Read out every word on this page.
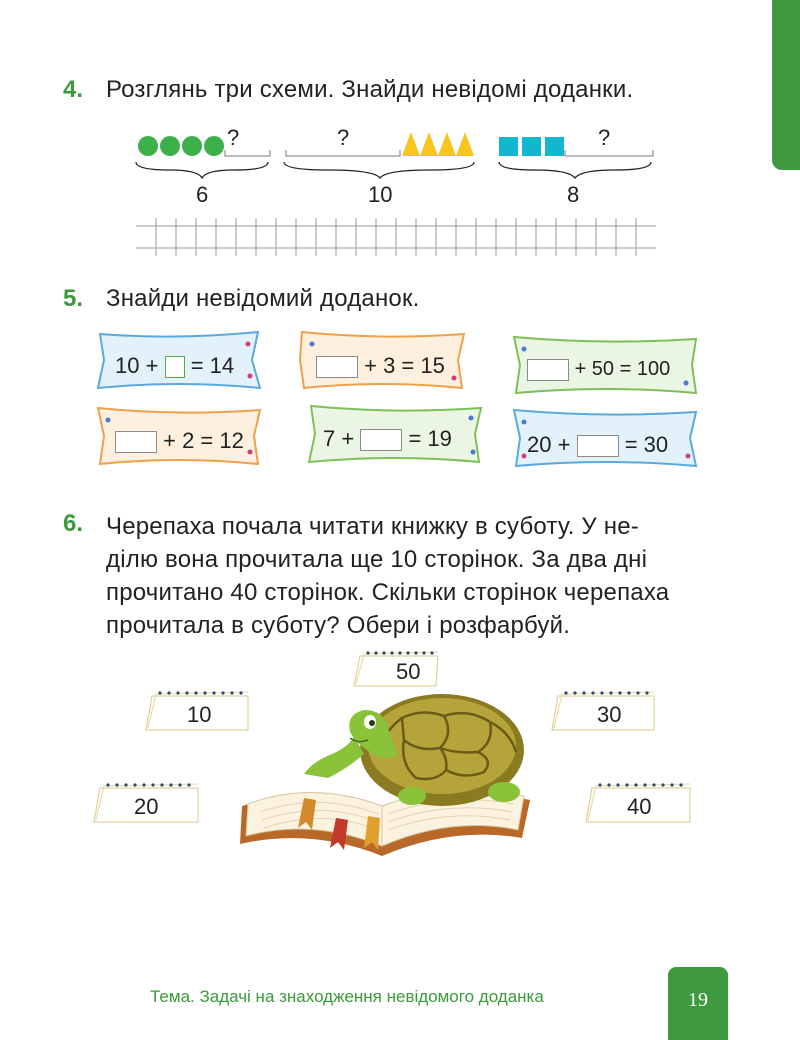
4. Розглянь три схеми. Знайди невідомі доданки.
?
6
?
10
?
8
5. Знайди невідомий доданок.
10 + = 14	+ 3 = 15	+ 50 = 100
+ 2 = 12	7 + = 19	20 + = 30
6. Черепаха почала читати книжку в суботу. У не-
ділю вона прочитала ще 10 сторінок. За два дні
прочитано 40 сторінок. Скільки сторінок черепаха
прочитала в суботу? Обери і розфарбуй.
50
10	30
20	40
Тема. Задачі на знаходження невідомого доданка	19
